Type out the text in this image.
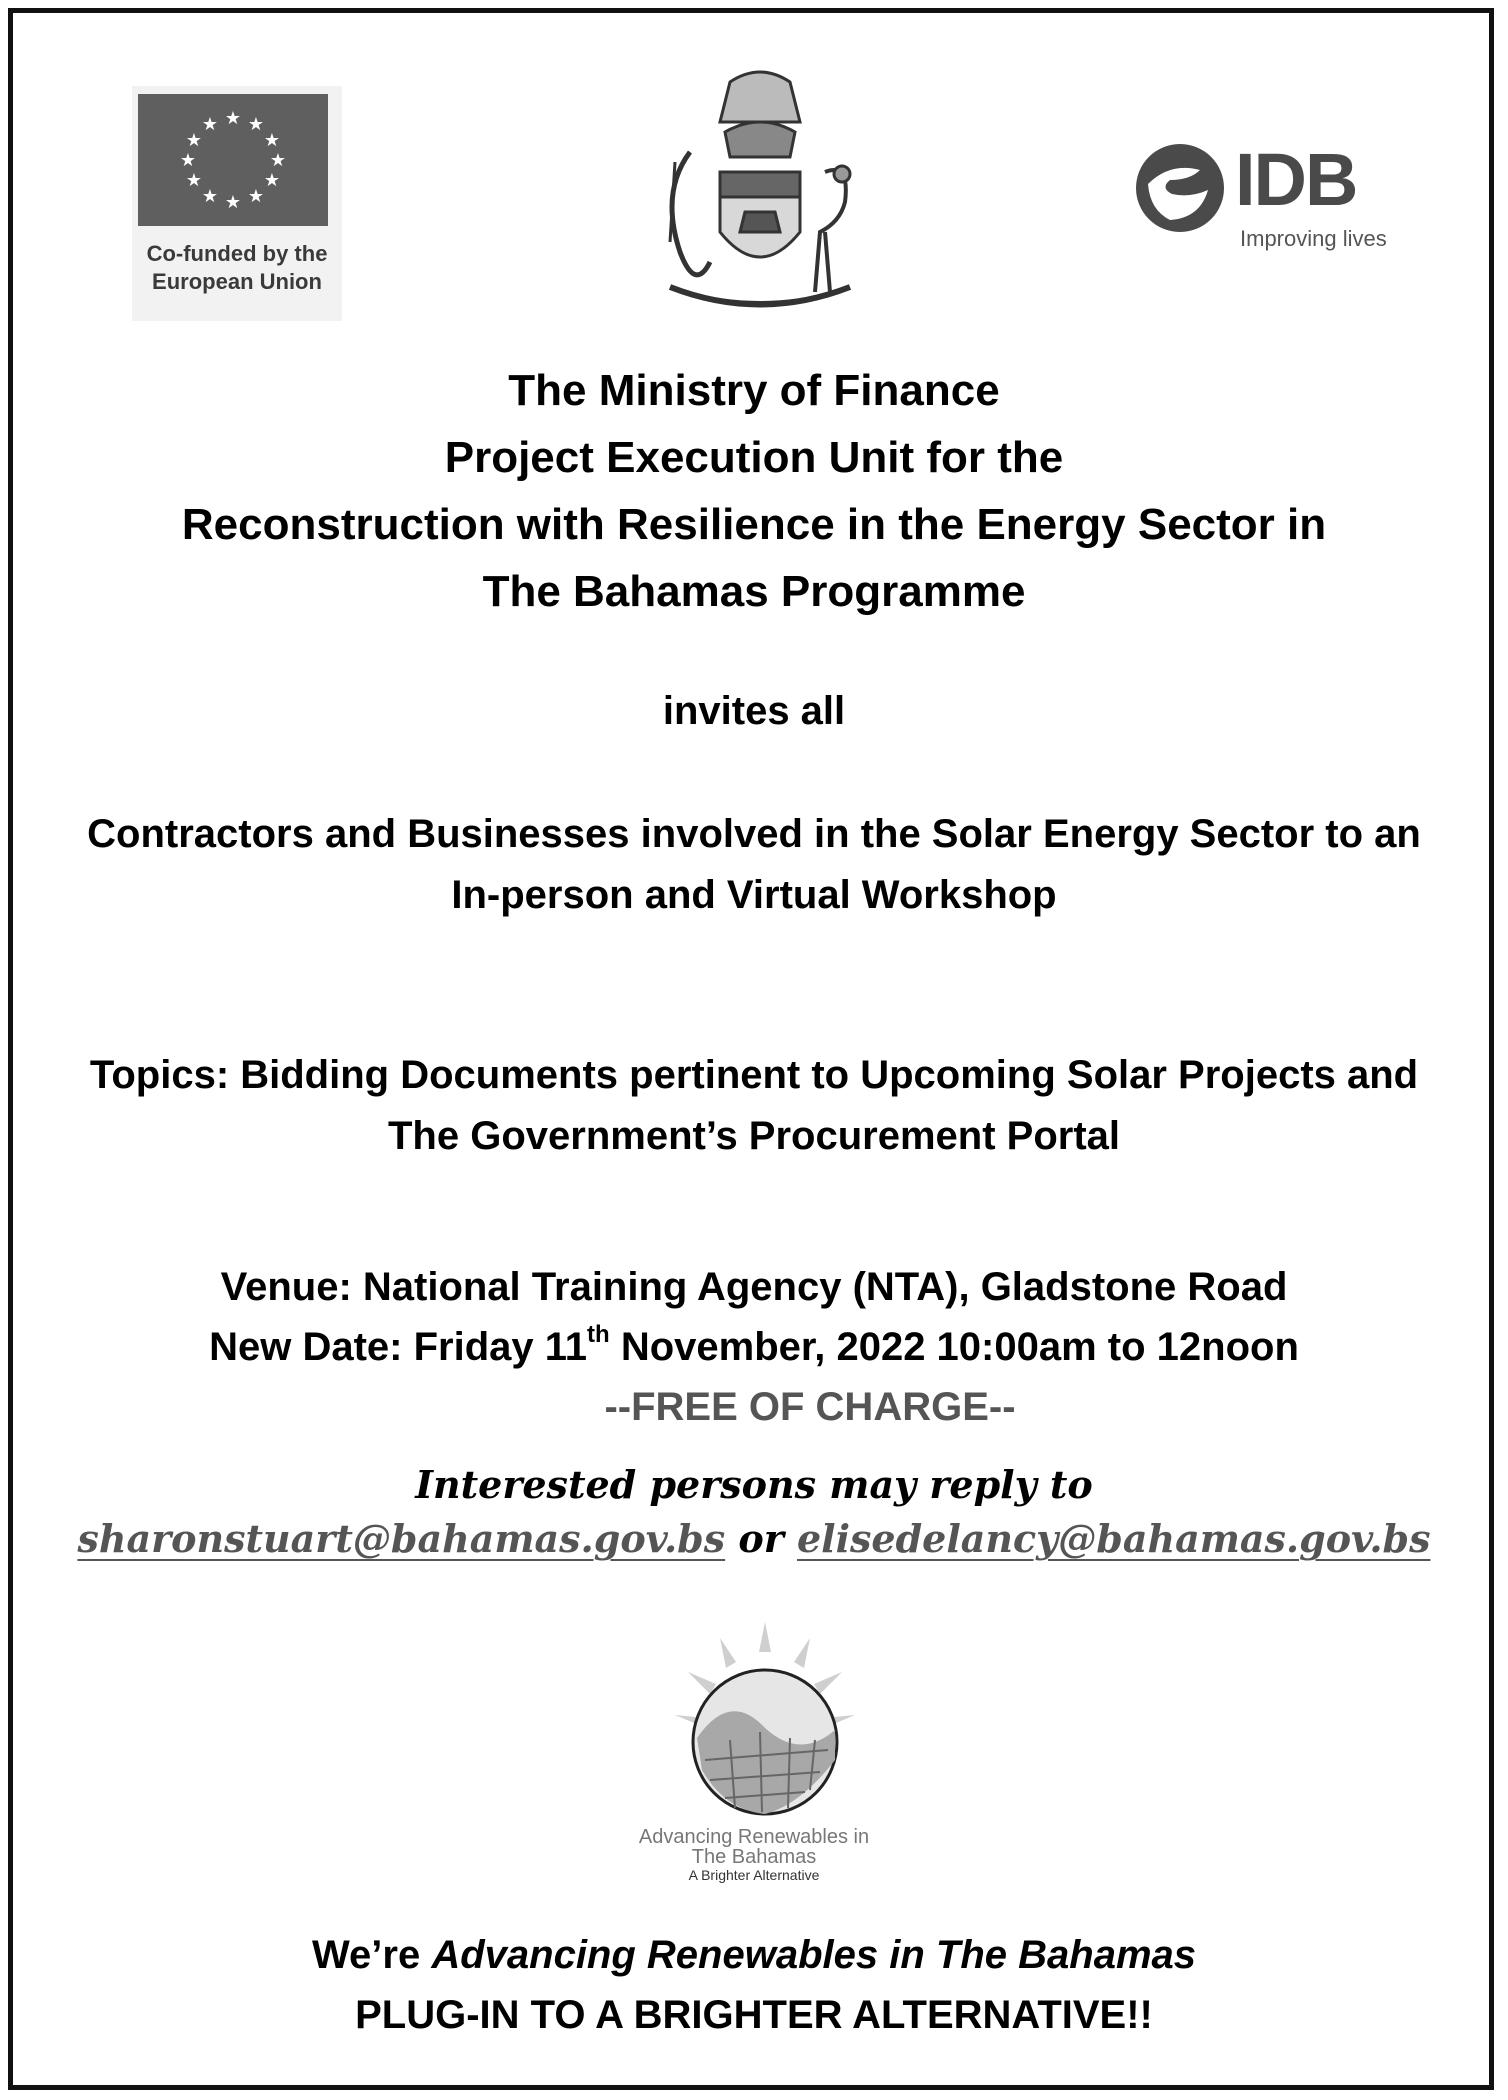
★ ★
★
★
★
★
★
★
★
★
★
★
Co-funded by the
European Union
IDB
Improving lives
The Ministry of Finance
Project Execution Unit for the
Reconstruction with Resilience in the Energy Sector in
The Bahamas Programme
invites all
Contractors and Businesses involved in the Solar Energy Sector to an
In-person and Virtual Workshop
Topics: Bidding Documents pertinent to Upcoming Solar Projects and
The Government’s Procurement Portal
Venue: National Training Agency (NTA), Gladstone Road
New Date: Friday 11th November, 2022 10:00am to 12noon
--FREE OF CHARGE--
Interested persons may reply to
sharonstuart@bahamas.gov.bs or elisedelancy@bahamas.gov.bs
Advancing Renewables in
The Bahamas
A Brighter Alternative
We’re Advancing Renewables in The Bahamas
PLUG-IN TO A BRIGHTER ALTERNATIVE!!
